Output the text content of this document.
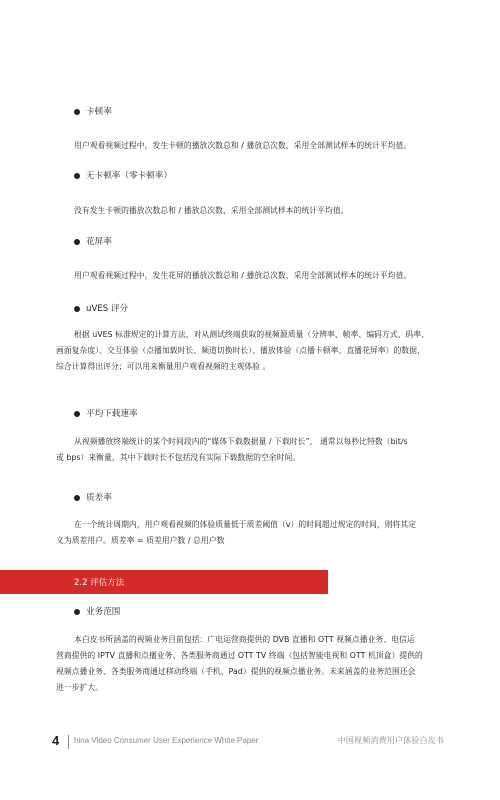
卡顿率
用户观看视频过程中，发生卡顿的播放次数总和 / 播放总次数，采用全部测试样本的统计平均值。
无卡顿率（零卡顿率）
没有发生卡顿的播放次数总和 / 播放总次数，采用全部测试样本的统计平均值。
花屏率
用户观看视频过程中，发生花屏的播放次数总和 / 播放总次数，采用全部测试样本的统计平均值。
uVES 评分
根据 uVES 标准规定的计算方法，对从测试终端获取的视频源质量（分辨率、帧率、编码方式、码率、
画面复杂度）、交互体验（点播加载时长、频道切换时长）、播放体验（点播卡顿率、直播花屏率）的数据，
综合计算得出评分；可以用来衡量用户观看视频的主观体验 。
平均下载速率
从视频播放终端统计的某个时间段内的“媒体下载数据量 / 下载时长”， 通常以每秒比特数（bit/s
或 bps）来衡量，其中下载时长不包括没有实际下载数据的空余时间。
质差率
在一个统计周期内，用户观看视频的体验质量低于质差阈值（v）的时间超过规定的时间，则将其定
义为质差用户。质差率 = 质差用户数 / 总用户数
2.2 评估方法
业务范围
本白皮书所涵盖的视频业务目前包括：广电运营商提供的 DVB 直播和 OTT 视频点播业务、电信运
营商提供的 IPTV 直播和点播业务、各类服务商通过 OTT TV 终端（包括智能电视和 OTT 机顶盒）提供的
视频点播业务、各类服务商通过移动终端（手机、Pad）提供的视频点播业务。未来涵盖的业务范围还会
进一步扩大。
4 hina Video Consumer User Experience White Paper	中国视频消费用户体验白皮书
